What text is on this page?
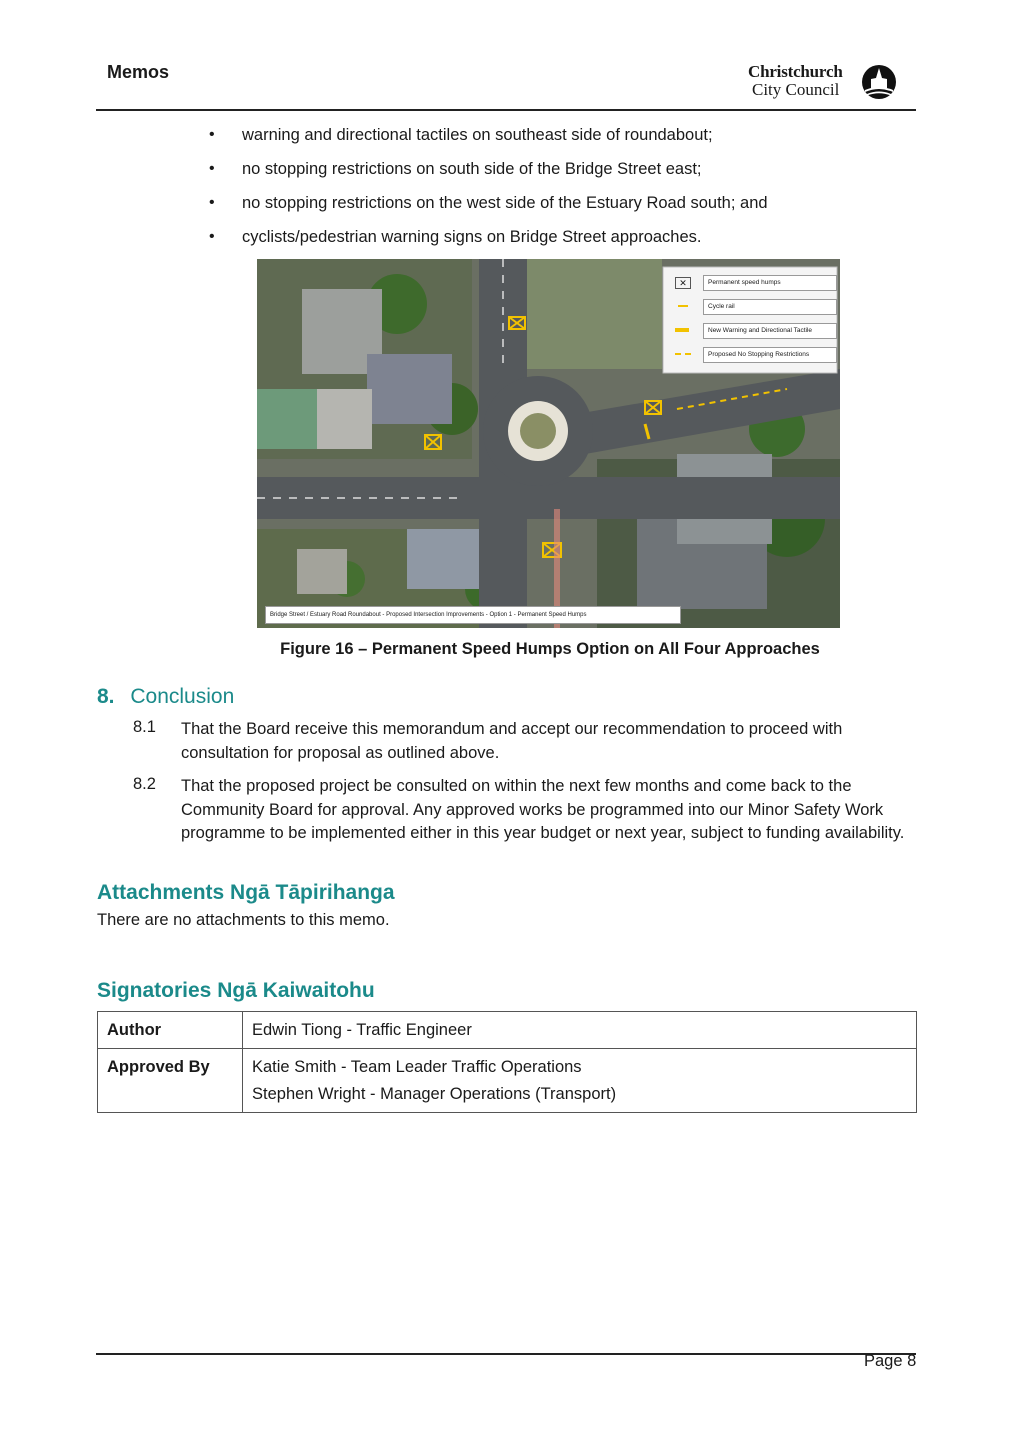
Memos	Christchurch
City Council
• warning and directional tactiles on southeast side of roundabout;
• no stopping restrictions on south side of the Bridge Street east;
• no stopping restrictions on the west side of the Estuary Road south; and
• cyclists/pedestrian warning signs on Bridge Street approaches.
✕	Permanent speed humps
Cycle rail
New Warning and Directional Tactile
Proposed No Stopping Restrictions
Bridge Street / Estuary Road Roundabout - Proposed Intersection Improvements - Option 1 - Permanent Speed Humps
Figure 16 – Permanent Speed Humps Option on All Four Approaches
8. Conclusion
8.1 That the Board receive this memorandum and accept our recommendation to proceed with consultation for proposal as outlined above.
8.2 That the proposed project be consulted on within the next few months and come back to the Community Board for approval. Any approved works be programmed into our Minor Safety Work programme to be implemented either in this year budget or next year, subject to funding availability.
Attachments Ngā Tāpirihanga
There are no attachments to this memo.
Signatories Ngā Kaiwaitohu
Author	Edwin Tiong - Traffic Engineer

Approved By	Katie Smith - Team Leader Traffic Operations
Stephen Wright - Manager Operations (Transport)
Page 8
